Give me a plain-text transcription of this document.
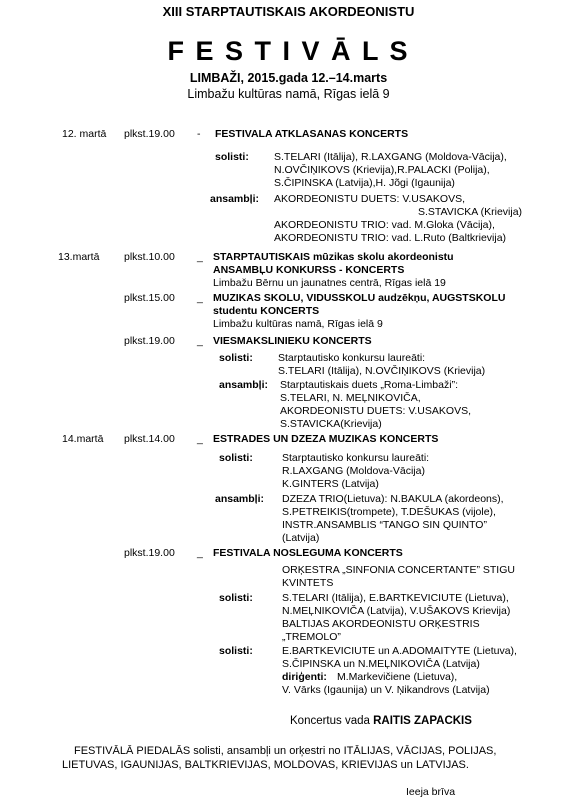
XIII STARPTAUTISKAIS AKORDEONISTU
F E S T I V Ā L S
LIMBAŽI, 2015.gada 12.–14.marts
Limbažu kultūras namā, Rīgas ielā 9
12. martā plkst.19.00 - FESTIVALA ATKLASANAS KONCERTS
solisti: S.TELARI (Itālija), R.LAXGANG (Moldova-Vācija),
N.OVČIŅIKOVS (Krievija),R.PALACKI (Polija),
S.ČIPINSKA (Latvija),H. Jõgi (Igaunija)
ansambļi: AKORDEONISTU DUETS: V.USAKOVS,
S.STAVICKA (Krievija)
AKORDEONISTU TRIO: vad. M.Gloka (Vācija),
AKORDEONISTU TRIO: vad. L.Ruto (Baltkrievija)
13.martā plkst.10.00 _ STARPTAUTISKAIS mūzikas skolu akordeonistu
ANSAMBĻU KONKURSS - KONCERTS
Limbažu Bērnu un jaunatnes centrā, Rīgas ielā 19
plkst.15.00 _ MUZIKAS SKOLU, VIDUSSKOLU audzēkņu, AUGSTSKOLU
studentu KONCERTS
Limbažu kultūras namā, Rīgas ielā 9
plkst.19.00 _ VIESMAKSLINIEKU KONCERTS
solisti: Starptautisko konkursu laureāti:
S.TELARI (Itālija), N.OVČIŅIKOVS (Krievija)
ansambļi: Starptautiskais duets „Roma-Limbaži”:
S.TELARI, N. MEĻNIKOVIČA,
AKORDEONISTU DUETS: V.USAKOVS,
S.STAVICKA(Krievija)
14.martā plkst.14.00 _ ESTRADES UN DZEZA MUZIKAS KONCERTS
solisti:	Starptautisko konkursu laureāti:
R.LAXGANG (Moldova-Vācija)
K.GINTERS (Latvija)
ansambļi: DZEZA TRIO(Lietuva): N.BAKULA (akordeons),
S.PETREIKIS(trompete), T.DEŠUKAS (vijole),
INSTR.ANSAMBLIS “TANGO SIN QUINTO”
(Latvija)
plkst.19.00 _ FESTIVALA NOSLEGUMA KONCERTS
ORĶESTRA „SINFONIA CONCERTANTE” STIGU
KVINTETS
solisti:	S.TELARI (Itālija), E.BARTKEVICIUTE (Lietuva),
N.MEĻNIKOVIČA (Latvija), V.UŠAKOVS Krievija)
BALTIJAS AKORDEONISTU ORĶESTRIS
„TREMOLO”
solisti:	E.BARTKEVICIUTE un A.ADOMAITYTE (Lietuva),
S.ČIPINSKA un N.MEĻNIKOVIČA (Latvija)
diriģenti: M.Markevičiene (Lietuva),
V. Vārks (Igaunija) un V. Ņikandrovs (Latvija)
Koncertus vada RAITIS ZAPACKIS
FESTIVĀLĀ PIEDALĀS solisti, ansambļi un orķestri no ITĀLIJAS, VĀCIJAS, POLIJAS,
LIETUVAS, IGAUNIJAS, BALTKRIEVIJAS, MOLDOVAS, KRIEVIJAS un LATVIJAS.
Ieeja brīva
